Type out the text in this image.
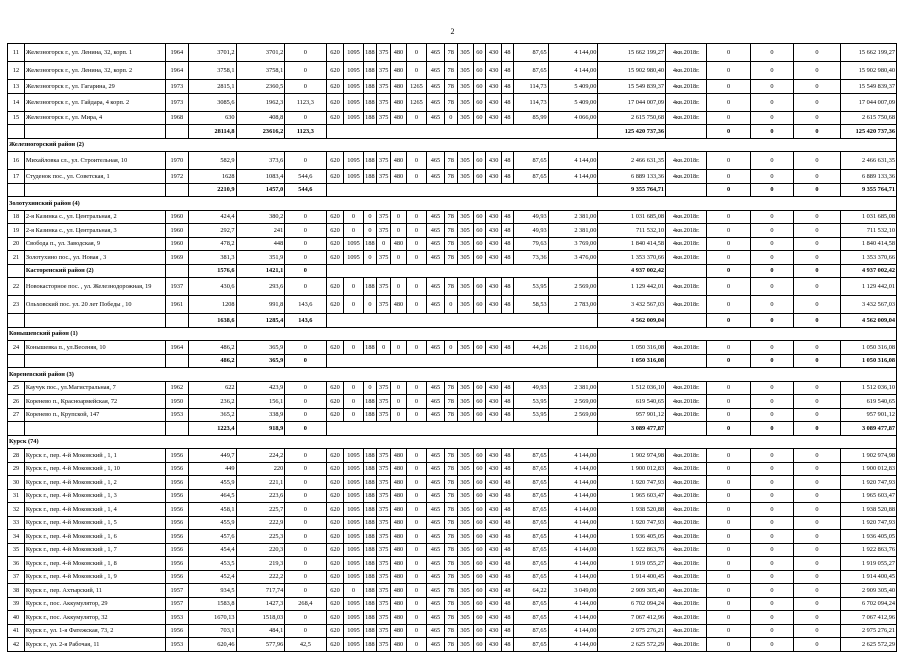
2
11	Железногорск г., ул. Ленина, 32, корп. 1	1964	3701,2	3701,2	0	620	1095	188	375	480	0	465	78	305	60	430	48	87,65	4 144,00	15 662 199,27	4кв.2018г.	0	0	0	15 662 199,27
12	Железногорск г., ул. Ленина, 32, корп. 2	1964	3758,1	3758,1	0	620	1095	188	375	480	0	465	78	305	60	430	48	87,65	4 144,00	15 902 980,40	4кв.2018г.	0	0	0	15 902 980,40
13	Железногорск г., ул. Гагарина, 29	1973	2815,1	2360,5	0	620	1095	188	375	480	1265	465	78	305	60	430	48	114,73	5 409,00	15 549 839,37	4кв.2018г.	0	0	0	15 549 839,37
14	Железногорск г., ул. Гайдара, 4 корп. 2	1973	3085,6	1962,3	1123,3	620	1095	188	375	480	1265	465	78	305	60	430	48	114,73	5 409,00	17 044 007,09	4кв.2018г.	0	0	0	17 044 007,09
15	Железногорск г., ул. Мира, 4	1968	630	408,8	0	620	1095	188	375	480	0	465	0	305	60	430	48	85,99	4 066,00	2 615 750,68	4кв.2018г.	0	0	0	2 615 750,68
			28114,8	23616,2	1123,3															125 420 737,36		0	0	0	125 420 737,36
Железногорский район (2)																									
16	Михайловка сл., ул. Строительная, 10	1970	582,9	373,6	0	620	1095	188	375	480	0	465	78	305	60	430	48	87,65	4 144,00	2 466 631,35	4кв.2018г.	0	0	0	2 466 631,35
17	Студенок пос., ул. Советская, 1	1972	1628	1083,4	544,6	620	1095	188	375	480	0	465	78	305	60	430	48	87,65	4 144,00	6 889 133,36	4кв.2018г.	0	0	0	6 889 133,36
			2210,9	1457,0	544,6															9 355 764,71		0	0	0	9 355 764,71
Золотухинский район (4)																									
18	2-я Казинка с., ул. Центральная, 2	1960	424,4	380,2	0	620	0	0	375	0	0	465	78	305	60	430	48	49,93	2 381,00	1 031 685,08	4кв.2018г.	0	0	0	1 031 685,08
19	2-я Казинка с., ул. Центральная, 3	1960	292,7	241	0	620	0	0	375	0	0	465	78	305	60	430	48	49,93	2 381,00	711 532,10	4кв.2018г.	0	0	0	711 532,10
20	Свобода п., ул. Заводская, 9	1960	478,2	448	0	620	1095	188	0	480	0	465	78	305	60	430	48	79,63	3 769,00	1 840 414,58	4кв.2018г.	0	0	0	1 840 414,58
21	Золотухино пос., ул. Новая , 3	1969	381,3	351,9	0	620	1095	0	375	0	0	465	78	305	60	430	48	73,36	3 476,00	1 353 370,66	4кв.2018г.	0	0	0	1 353 370,66
	Касторенский район (2)		1576,6	1421,1	0															4 937 002,42		0	0	0	4 937 002,42
22	Новокасторное пос. , ул. Железнодорожная, 19	1937	430,6	293,6	0	620	0	188	375	0	0	465	78	305	60	430	48	53,95	2 569,00	1 129 442,01	4кв.2018г.	0	0	0	1 129 442,01
23	Ольховский пос. ул. 20 лет Победы , 10	1961	1208	991,8	143,6	620	0	0	375	480	0	465	0	305	60	430	48	58,53	2 783,00	3 432 567,03	4кв.2018г.	0	0	0	3 432 567,03
			1638,6	1285,4	143,6															4 562 009,04		0	0	0	4 562 009,04
Конышевский район (1)																									
24	Конышевка п., ул.Весеняя, 10	1964	486,2	365,9	0	620	0	188	0	0	0	465	0	305	60	430	48	44,26	2 116,00	1 050 316,08	4кв.2018г.	0	0	0	1 050 316,08
			486,2	365,9	0															1 050 316,08		0	0	0	1 050 316,08
Кореневский район (3)																									
25	Каучук пос., ул.Магистральная, 7	1962	622	423,9	0	620	0	0	375	0	0	465	78	305	60	430	48	49,93	2 381,00	1 512 036,10	4кв.2018г.	0	0	0	1 512 036,10
26	Коренево п., Красноармейская, 72	1950	236,2	156,1	0	620	0	188	375	0	0	465	78	305	60	430	48	53,95	2 569,00	619 540,65	4кв.2018г.	0	0	0	619 540,65
27	Коренево п., Крупской, 147	1953	365,2	338,9	0	620	0	188	375	0	0	465	78	305	60	430	48	53,95	2 569,00	957 901,12	4кв.2018г.	0	0	0	957 901,12
			1223,4	918,9	0															3 089 477,87		0	0	0	3 089 477,87
Курск (74)																									
28	Курск г., пер. 4-й Моковский , 1, 1	1956	449,7	224,2	0	620	1095	188	375	480	0	465	78	305	60	430	48	87,65	4 144,00	1 902 974,98	4кв.2018г.	0	0	0	1 902 974,98
29	Курск г., пер. 4-й Моковский , 1, 10	1956	449	220	0	620	1095	188	375	480	0	465	78	305	60	430	48	87,65	4 144,00	1 900 012,83	4кв.2018г.	0	0	0	1 900 012,83
30	Курск г., пер. 4-й Моковский , 1, 2	1956	455,9	221,1	0	620	1095	188	375	480	0	465	78	305	60	430	48	87,65	4 144,00	1 920 747,93	4кв.2018г.	0	0	0	1 920 747,93
31	Курск г., пер. 4-й Моковский , 1, 3	1956	464,5	223,6	0	620	1095	188	375	480	0	465	78	305	60	430	48	87,65	4 144,00	1 965 603,47	4кв.2018г.	0	0	0	1 965 603,47
32	Курск г., пер. 4-й Моковский , 1, 4	1956	458,1	225,7	0	620	1095	188	375	480	0	465	78	305	60	430	48	87,65	4 144,00	1 938 520,88	4кв.2018г.	0	0	0	1 938 520,88
33	Курск г., пер. 4-й Моковский , 1, 5	1956	455,9	222,9	0	620	1095	188	375	480	0	465	78	305	60	430	48	87,65	4 144,00	1 920 747,93	4кв.2018г.	0	0	0	1 920 747,93
34	Курск г., пер. 4-й Моковский , 1, 6	1956	457,6	225,3	0	620	1095	188	375	480	0	465	78	305	60	430	48	87,65	4 144,00	1 936 405,05	4кв.2018г.	0	0	0	1 936 405,05
35	Курск г., пер. 4-й Моковский , 1, 7	1956	454,4	220,3	0	620	1095	188	375	480	0	465	78	305	60	430	48	87,65	4 144,00	1 922 863,76	4кв.2018г.	0	0	0	1 922 863,76
36	Курск г., пер. 4-й Моковский , 1, 8	1956	453,5	219,3	0	620	1095	188	375	480	0	465	78	305	60	430	48	87,65	4 144,00	1 919 055,27	4кв.2018г.	0	0	0	1 919 055,27
37	Курск г., пер. 4-й Моковский , 1, 9	1956	452,4	222,2	0	620	1095	188	375	480	0	465	78	305	60	430	48	87,65	4 144,00	1 914 400,45	4кв.2018г.	0	0	0	1 914 400,45
38	Курск г., пер. Ахтырский, 11	1957	934,5	717,74	0	620	0	188	375	480	0	465	78	305	60	430	48	64,22	3 049,00	2 909 305,40	4кв.2018г.	0	0	0	2 909 305,40
39	Курск г., пос. Аккумулятор, 29	1957	1583,8	1427,3	268,4	620	1095	188	375	480	0	465	78	305	60	430	48	87,65	4 144,00	6 702 094,24	4кв.2018г.	0	0	0	6 702 094,24
40	Курск г., пос. Аккумулятор, 32	1953	1670,13	1518,03	0	620	1095	188	375	480	0	465	78	305	60	430	48	87,65	4 144,00	7 067 412,96	4кв.2018г.	0	0	0	7 067 412,96
41	Курск г., ул. 1-я Фатежская, 73, 2	1956	703,1	484,1	0	620	1095	188	375	480	0	465	78	305	60	430	48	87,65	4 144,00	2 975 276,21	4кв.2018г.	0	0	0	2 975 276,21
42	Курск г., ул. 2-я Рабочая, 11	1953	620,46	577,96	42,5	620	1095	188	375	480	0	465	78	305	60	430	48	87,65	4 144,00	2 625 572,29	4кв.2018г.	0	0	0	2 625 572,29
